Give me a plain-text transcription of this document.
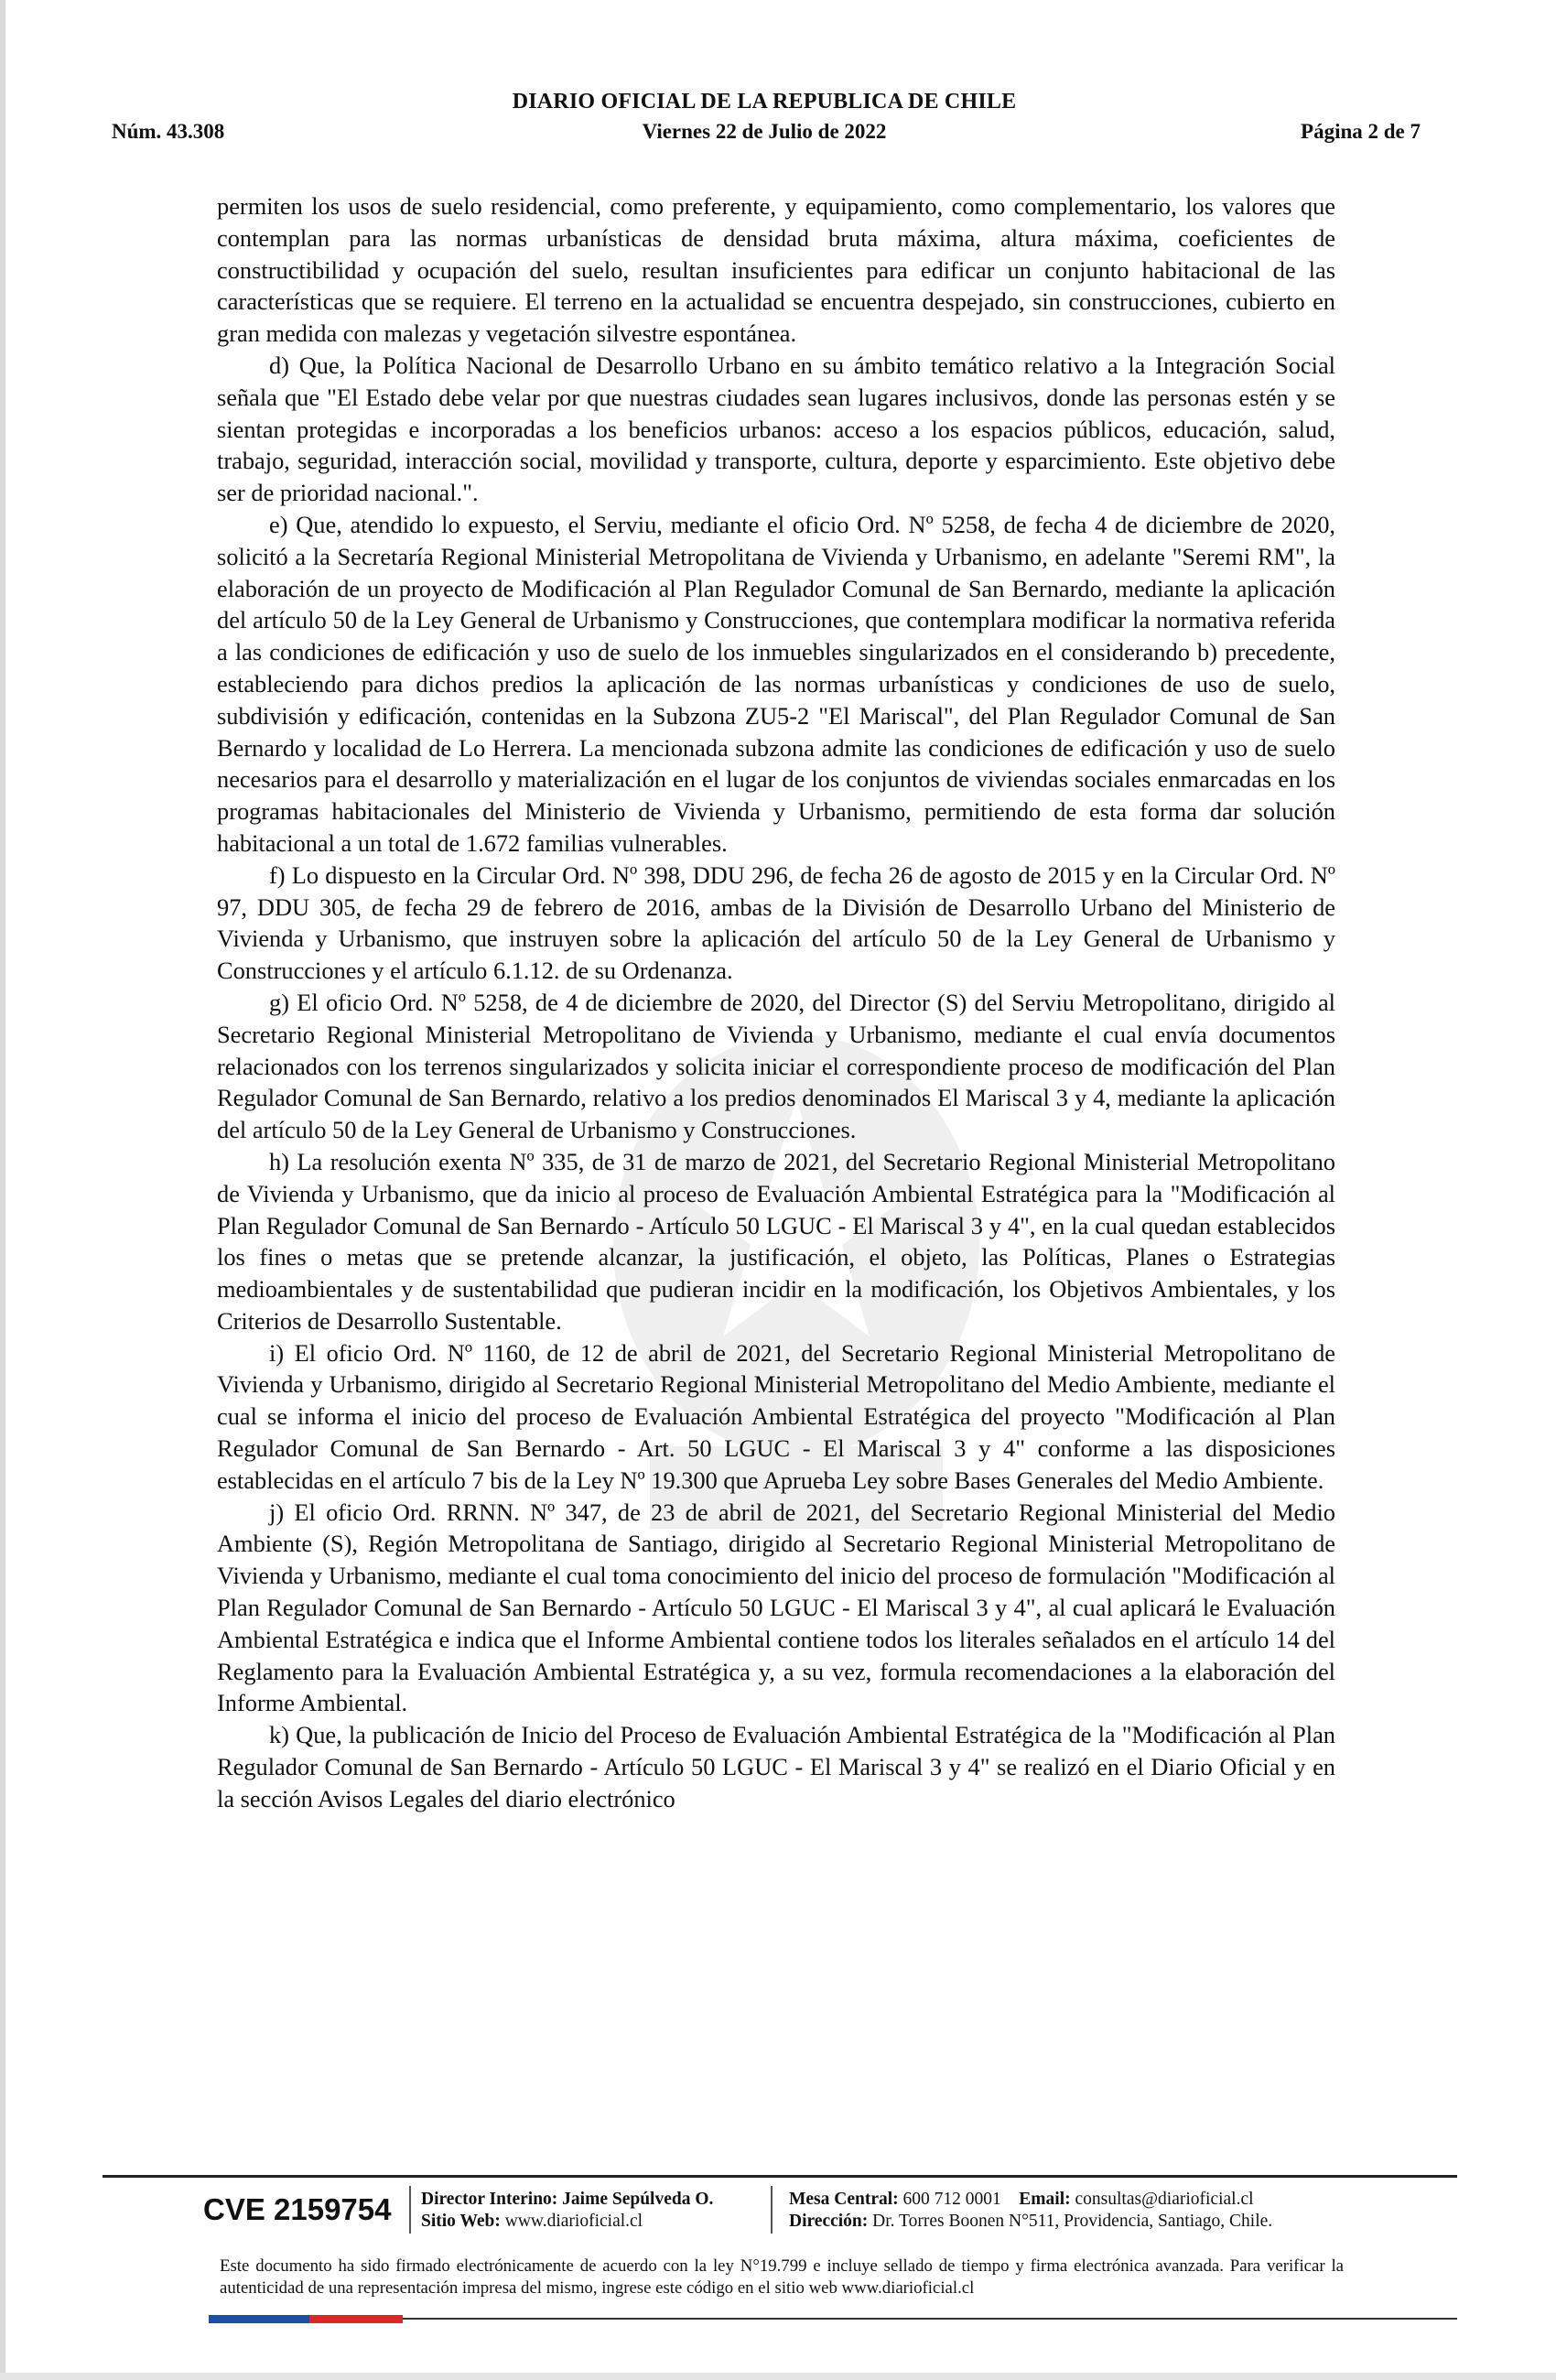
DIARIO OFICIAL DE LA REPUBLICA DE CHILE
Núm. 43.308	Viernes 22 de Julio de 2022	Página 2 de 7

permiten los usos de suelo residencial, como preferente, y equipamiento, como complementario, los valores que contemplan para las normas urbanísticas de densidad bruta máxima, altura máxima, coeficientes de constructibilidad y ocupación del suelo, resultan insuficientes para edificar un conjunto habitacional de las características que se requiere. El terreno en la actualidad se encuentra despejado, sin construcciones, cubierto en gran medida con malezas y vegetación silvestre espontánea.

d) Que, la Política Nacional de Desarrollo Urbano en su ámbito temático relativo a la Integración Social señala que "El Estado debe velar por que nuestras ciudades sean lugares inclusivos, donde las personas estén y se sientan protegidas e incorporadas a los beneficios urbanos: acceso a los espacios públicos, educación, salud, trabajo, seguridad, interacción social, movilidad y transporte, cultura, deporte y esparcimiento. Este objetivo debe ser de prioridad nacional.".

e) Que, atendido lo expuesto, el Serviu, mediante el oficio Ord. Nº 5258, de fecha 4 de diciembre de 2020, solicitó a la Secretaría Regional Ministerial Metropolitana de Vivienda y Urbanismo, en adelante "Seremi RM", la elaboración de un proyecto de Modificación al Plan Regulador Comunal de San Bernardo, mediante la aplicación del artículo 50 de la Ley General de Urbanismo y Construcciones, que contemplara modificar la normativa referida a las condiciones de edificación y uso de suelo de los inmuebles singularizados en el considerando b) precedente, estableciendo para dichos predios la aplicación de las normas urbanísticas y condiciones de uso de suelo, subdivisión y edificación, contenidas en la Subzona ZU5-2 "El Mariscal", del Plan Regulador Comunal de San Bernardo y localidad de Lo Herrera. La mencionada subzona admite las condiciones de edificación y uso de suelo necesarios para el desarrollo y materialización en el lugar de los conjuntos de viviendas sociales enmarcadas en los programas habitacionales del Ministerio de Vivienda y Urbanismo, permitiendo de esta forma dar solución habitacional a un total de 1.672 familias vulnerables.

f) Lo dispuesto en la Circular Ord. Nº 398, DDU 296, de fecha 26 de agosto de 2015 y en la Circular Ord. Nº 97, DDU 305, de fecha 29 de febrero de 2016, ambas de la División de Desarrollo Urbano del Ministerio de Vivienda y Urbanismo, que instruyen sobre la aplicación del artículo 50 de la Ley General de Urbanismo y Construcciones y el artículo 6.1.12. de su Ordenanza.

g) El oficio Ord. Nº 5258, de 4 de diciembre de 2020, del Director (S) del Serviu Metropolitano, dirigido al Secretario Regional Ministerial Metropolitano de Vivienda y Urbanismo, mediante el cual envía documentos relacionados con los terrenos singularizados y solicita iniciar el correspondiente proceso de modificación del Plan Regulador Comunal de San Bernardo, relativo a los predios denominados El Mariscal 3 y 4, mediante la aplicación del artículo 50 de la Ley General de Urbanismo y Construcciones.

h) La resolución exenta Nº 335, de 31 de marzo de 2021, del Secretario Regional Ministerial Metropolitano de Vivienda y Urbanismo, que da inicio al proceso de Evaluación Ambiental Estratégica para la "Modificación al Plan Regulador Comunal de San Bernardo - Artículo 50 LGUC - El Mariscal 3 y 4", en la cual quedan establecidos los fines o metas que se pretende alcanzar, la justificación, el objeto, las Políticas, Planes o Estrategias medioambientales y de sustentabilidad que pudieran incidir en la modificación, los Objetivos Ambientales, y los Criterios de Desarrollo Sustentable.

i) El oficio Ord. Nº 1160, de 12 de abril de 2021, del Secretario Regional Ministerial Metropolitano de Vivienda y Urbanismo, dirigido al Secretario Regional Ministerial Metropolitano del Medio Ambiente, mediante el cual se informa el inicio del proceso de Evaluación Ambiental Estratégica del proyecto "Modificación al Plan Regulador Comunal de San Bernardo - Art. 50 LGUC - El Mariscal 3 y 4" conforme a las disposiciones establecidas en el artículo 7 bis de la Ley Nº 19.300 que Aprueba Ley sobre Bases Generales del Medio Ambiente.

j) El oficio Ord. RRNN. Nº 347, de 23 de abril de 2021, del Secretario Regional Ministerial del Medio Ambiente (S), Región Metropolitana de Santiago, dirigido al Secretario Regional Ministerial Metropolitano de Vivienda y Urbanismo, mediante el cual toma conocimiento del inicio del proceso de formulación "Modificación al Plan Regulador Comunal de San Bernardo - Artículo 50 LGUC - El Mariscal 3 y 4", al cual aplicará le Evaluación Ambiental Estratégica e indica que el Informe Ambiental contiene todos los literales señalados en el artículo 14 del Reglamento para la Evaluación Ambiental Estratégica y, a su vez, formula recomendaciones a la elaboración del Informe Ambiental.

k) Que, la publicación de Inicio del Proceso de Evaluación Ambiental Estratégica de la "Modificación al Plan Regulador Comunal de San Bernardo - Artículo 50 LGUC - El Mariscal 3 y 4" se realizó en el Diario Oficial y en la sección Avisos Legales del diario electrónico

CVE 2159754 Director Interino: Jaime Sepúlveda O.
Sitio Web: www.diarioficial.cl
Mesa Central: 600 712 0001 Email: consultas@diarioficial.cl
Dirección: Dr. Torres Boonen N°511, Providencia, Santiago, Chile.
Este documento ha sido firmado electrónicamente de acuerdo con la ley N°19.799 e incluye sellado de tiempo y firma electrónica avanzada. Para verificar la autenticidad de una representación impresa del mismo, ingrese este código en el sitio web www.diarioficial.cl
